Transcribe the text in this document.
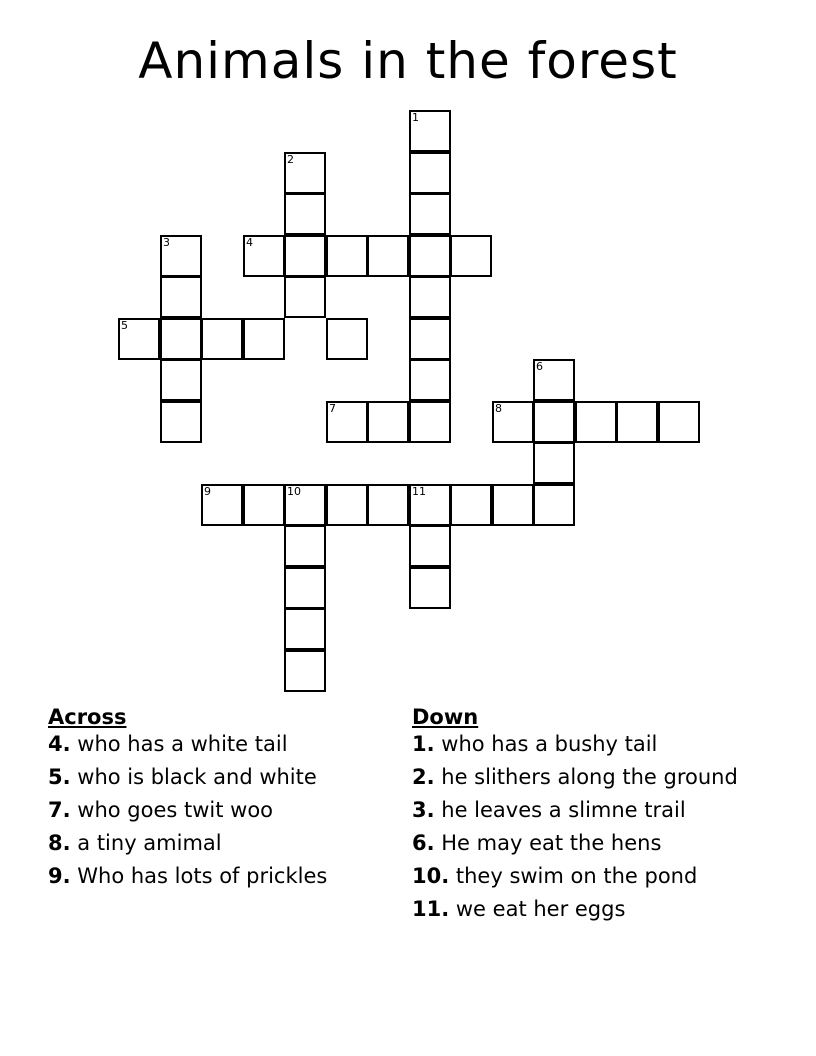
Animals in the forest
1
2
3	4
5
6
7	8
9	10	11
Across
4. who has a white tail
5. who is black and white
7. who goes twit woo
8. a tiny amimal
9. Who has lots of prickles
Down
1. who has a bushy tail
2. he slithers along the ground
3. he leaves a slimne trail
6. He may eat the hens
10. they swim on the pond
11. we eat her eggs
